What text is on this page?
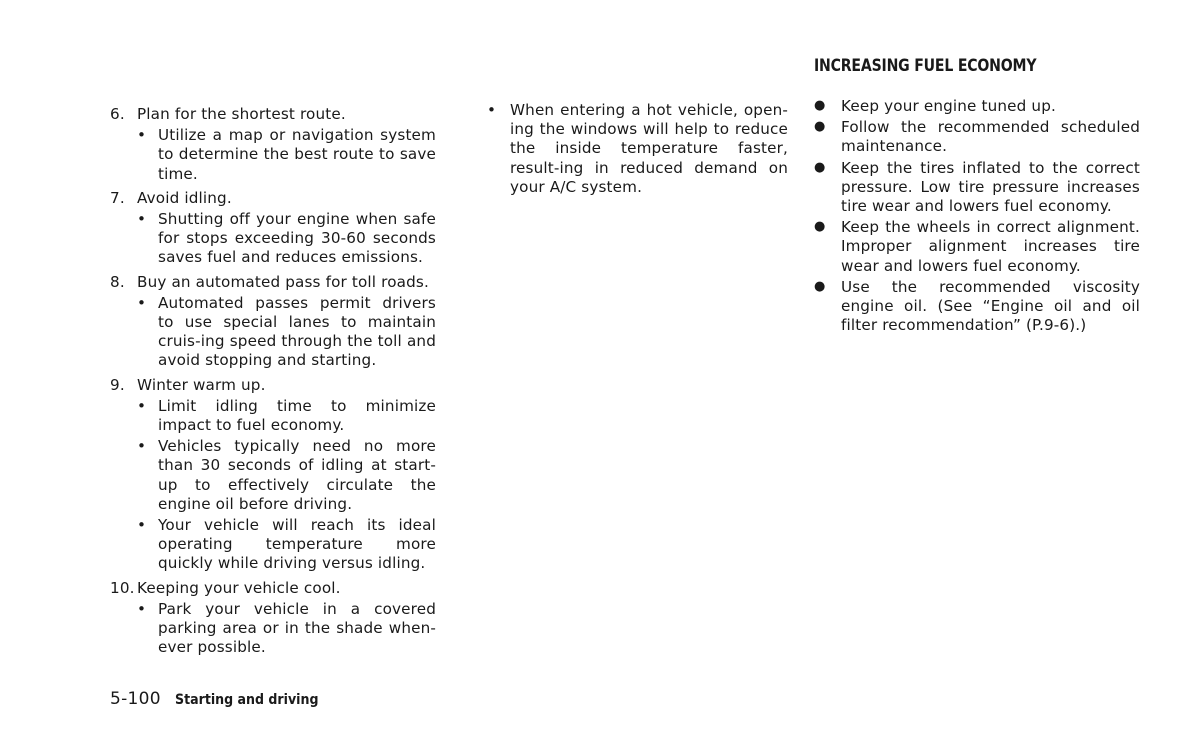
6. Plan for the shortest route.
• Utilize a map or navigation system to determine the best route to save time.
7. Avoid idling.
• Shutting off your engine when safe for stops exceeding 30-60 seconds saves fuel and reduces emissions.
8. Buy an automated pass for toll roads.
• Automated passes permit drivers to use special lanes to maintain cruis-ing speed through the toll and avoid stopping and starting.
9. Winter warm up.
• Limit idling time to minimize impact to fuel economy.
• Vehicles typically need no more than 30 seconds of idling at start-up to effectively circulate the engine oil before driving.
• Your vehicle will reach its ideal operating temperature more quickly while driving versus idling.
10. Keeping your vehicle cool.
• Park your vehicle in a covered parking area or in the shade when-ever possible.
• When entering a hot vehicle, open-ing the windows will help to reduce the inside temperature faster, result-ing in reduced demand on your A/C system.
INCREASING FUEL ECONOMY
● Keep your engine tuned up.
● Follow the recommended scheduled maintenance.
● Keep the tires inflated to the correct pressure. Low tire pressure increases tire wear and lowers fuel economy.
● Keep the wheels in correct alignment. Improper alignment increases tire wear and lowers fuel economy.
● Use the recommended viscosity engine oil. (See “Engine oil and oil filter recommendation” (P.9-6).)
5-100 Starting and driving
